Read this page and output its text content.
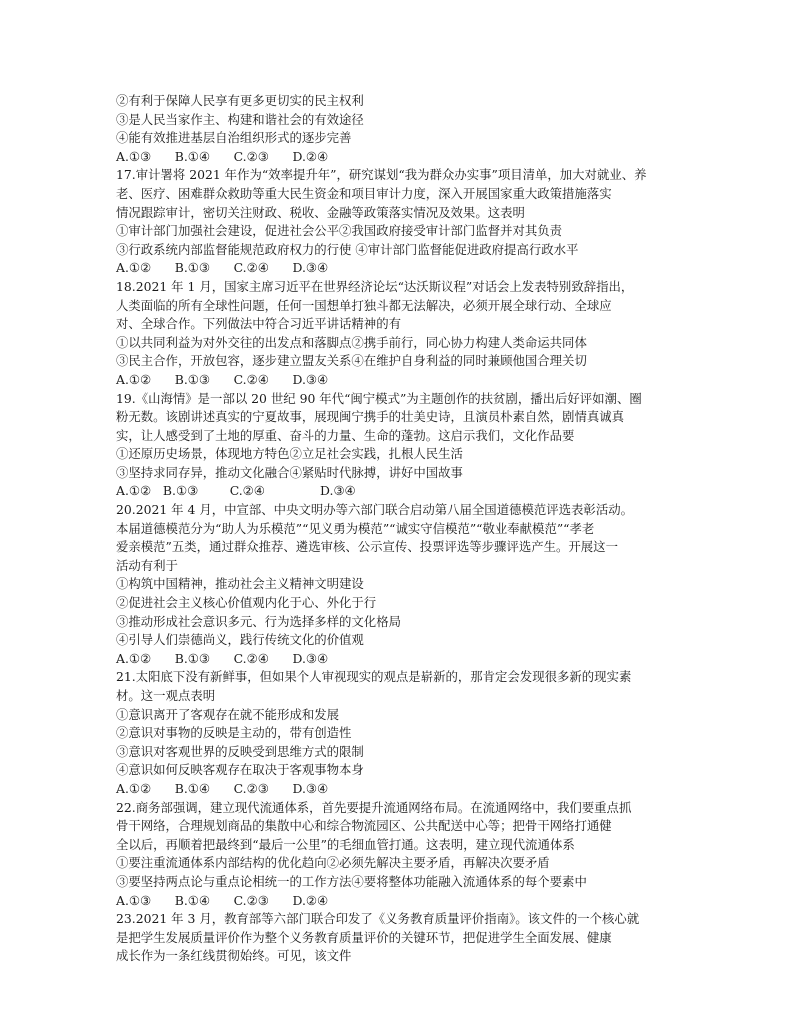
②有利于保障人民享有更多更切实的民主权利
③是人民当家作主、构建和谐社会的有效途径
④能有效推进基层自治组织形式的逐步完善
A.①③      B.①④      C.②③      D.②④
17.审计署将 2021 年作为“效率提升年”，研究谋划“我为群众办实事”项目清单，加大对就业、养
老、医疗、困难群众救助等重大民生资金和项目审计力度，深入开展国家重大政策措施落实
情况跟踪审计，密切关注财政、税收、金融等政策落实情况及效果。这表明
①审计部门加强社会建设，促进社会公平②我国政府接受审计部门监督并对其负责
③行政系统内部监督能规范政府权力的行使 ④审计部门监督能促进政府提高行政水平
A.①②      B.①③      C.②④      D.③④
18.2021 年 1 月，国家主席习近平在世界经济论坛“达沃斯议程”对话会上发表特别致辞指出，
人类面临的所有全球性问题，任何一国想单打独斗都无法解决，必须开展全球行动、全球应
对、全球合作。下列做法中符合习近平讲话精神的有
①以共同利益为对外交往的出发点和落脚点②携手前行，同心协力构建人类命运共同体
③民主合作，开放包容，逐步建立盟友关系④在维护自身利益的同时兼顾他国合理关切
A.①②      B.①③      C.②④      D.③④
19.《山海情》是一部以 20 世纪 90 年代“闽宁模式”为主题创作的扶贫剧，播出后好评如潮、圈
粉无数。该剧讲述真实的宁夏故事，展现闽宁携手的壮美史诗，且演员朴素自然，剧情真诚真
实，让人感受到了土地的厚重、奋斗的力量、生命的蓬勃。这启示我们，文化作品要
①还原历史场景，体现地方特色②立足社会实践，扎根人民生活
③坚持求同存异，推动文化融合④紧贴时代脉搏，讲好中国故事
A.①②   B.①③        C.②④              D.③④
20.2021 年 4 月，中宣部、中央文明办等六部门联合启动第八届全国道德模范评选表彰活动。
本届道德模范分为“助人为乐模范”“见义勇为模范”“诚实守信模范”“敬业奉献模范”“孝老
爱亲模范”五类，通过群众推荐、遴选审核、公示宣传、投票评选等步骤评选产生。开展这一
活动有利于
①构筑中国精神，推动社会主义精神文明建设
②促进社会主义核心价值观内化于心、外化于行
③推动形成社会意识多元、行为选择多样的文化格局
④引导人们崇德尚义，践行传统文化的价值观
A.①②      B.①③      C.②④      D.③④
21.太阳底下没有新鲜事，但如果个人审视现实的观点是崭新的，那肯定会发现很多新的现实素
材。这一观点表明
①意识离开了客观存在就不能形成和发展
②意识对事物的反映是主动的，带有创造性
③意识对客观世界的反映受到思维方式的限制
④意识如何反映客观存在取决于客观事物本身
A.①②      B.①④      C.②③      D.③④
22.商务部强调，建立现代流通体系，首先要提升流通网络布局。在流通网络中，我们要重点抓
骨干网络，合理规划商品的集散中心和综合物流园区、公共配送中心等；把骨干网络打通健
全以后，再顺着把最终到“最后一公里”的毛细血管打通。这表明，建立现代流通体系
①要注重流通体系内部结构的优化趋向②必须先解决主要矛盾，再解决次要矛盾
③要坚持两点论与重点论相统一的工作方法④要将整体功能融入流通体系的每个要素中
A.①③      B.①④      C.②③      D.②④
23.2021 年 3 月，教育部等六部门联合印发了《义务教育质量评价指南》。该文件的一个核心就
是把学生发展质量评价作为整个义务教育质量评价的关键环节，把促进学生全面发展、健康
成长作为一条红线贯彻始终。可见，该文件
